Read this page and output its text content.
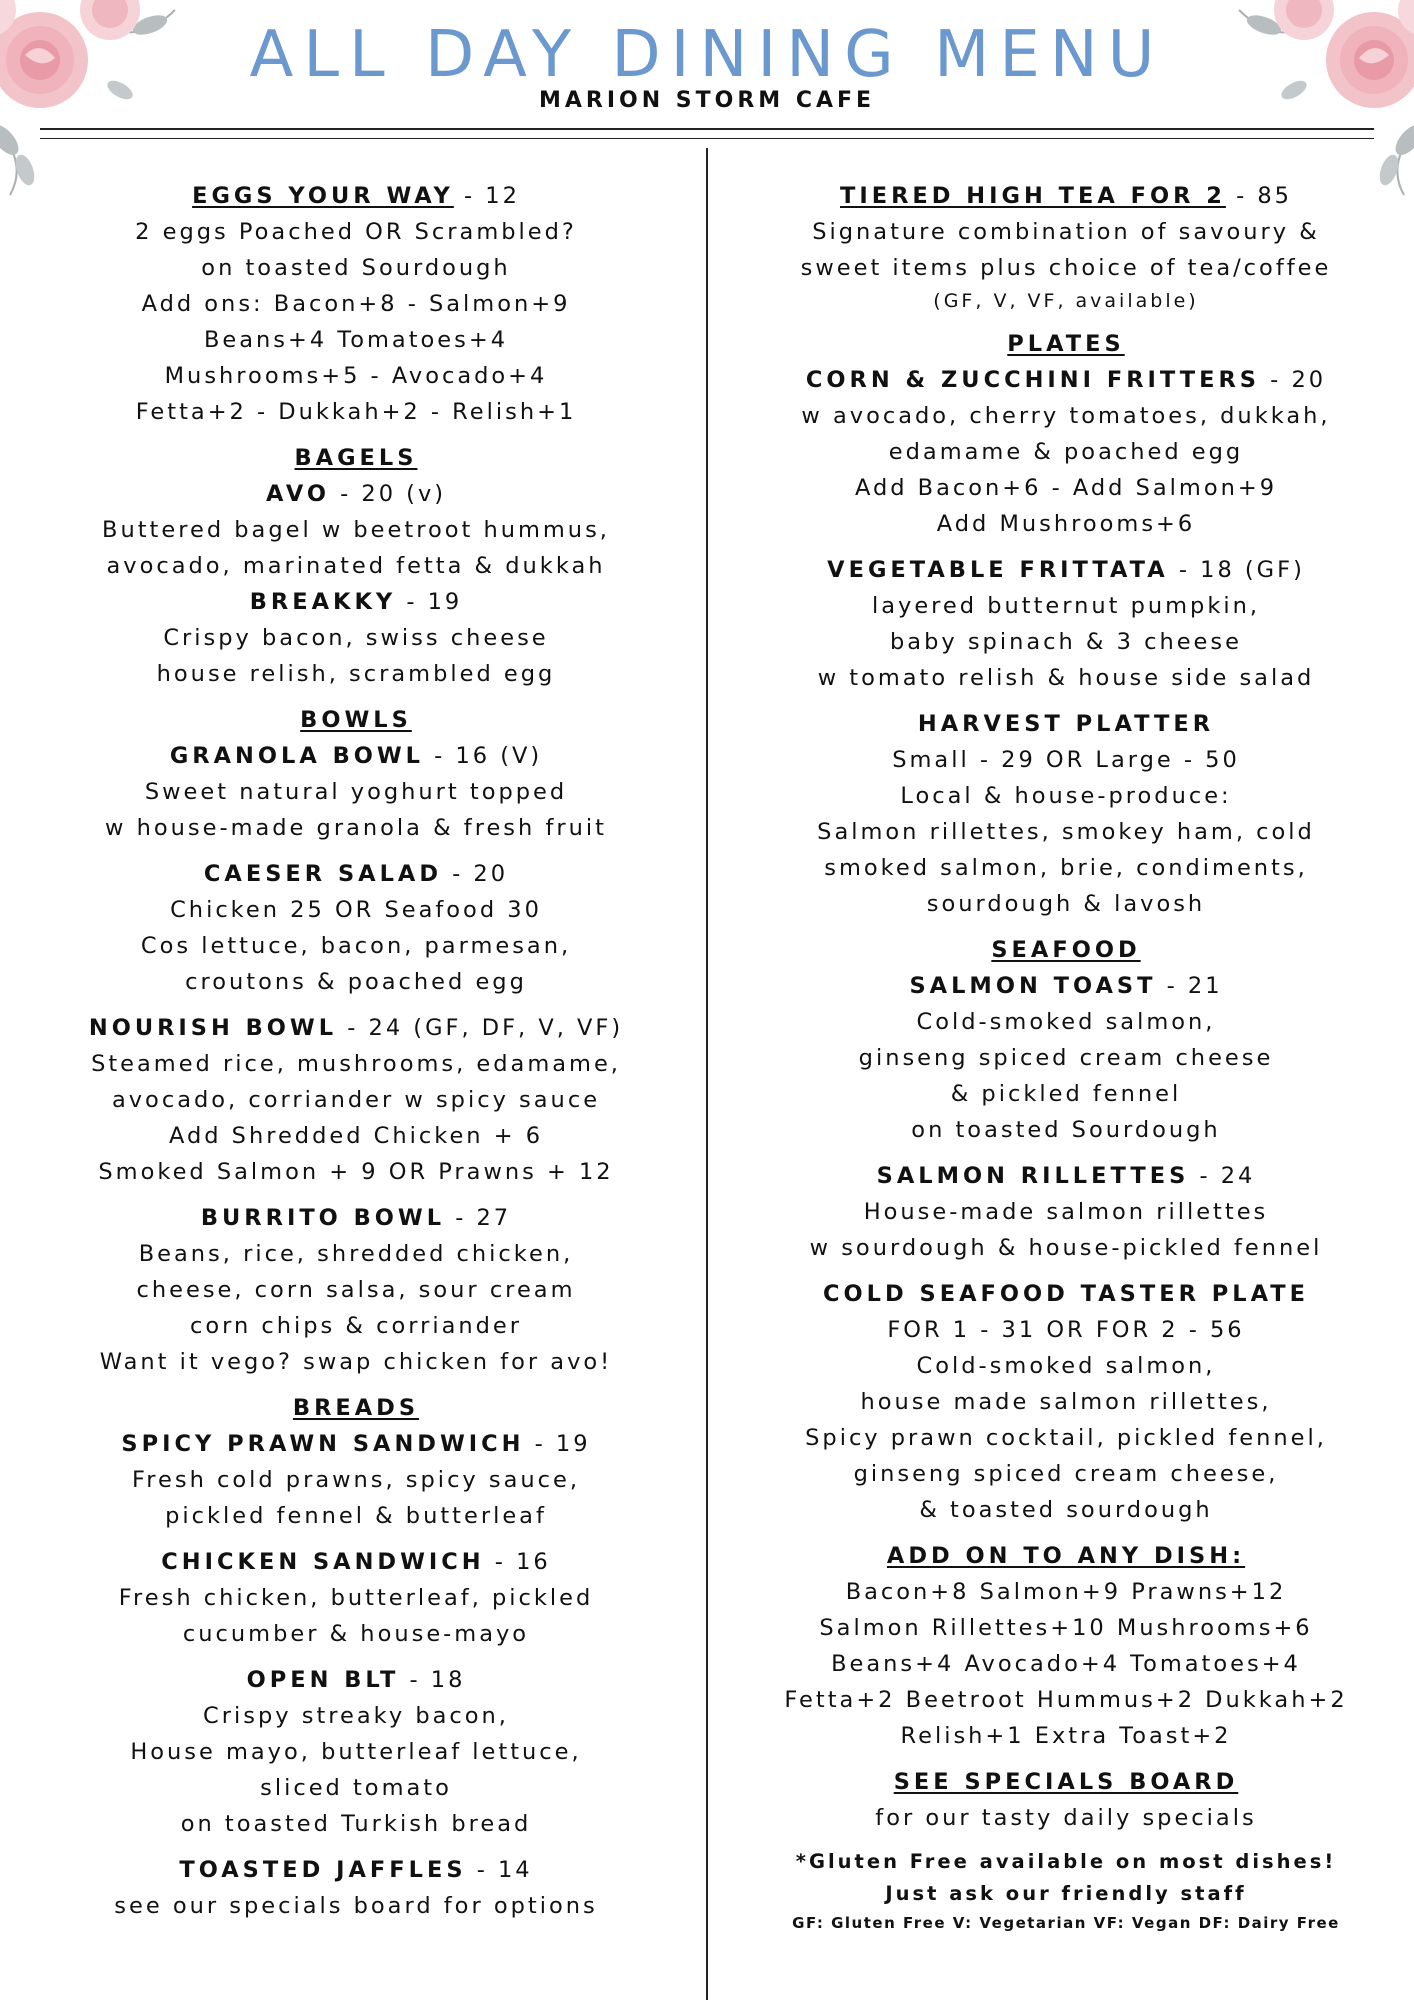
ALL DAY DINING MENU
MARION STORM CAFE
EGGS YOUR WAY - 12
2 eggs Poached OR Scrambled?
on toasted Sourdough
Add ons: Bacon+8 - Salmon+9
Beans+4 Tomatoes+4
Mushrooms+5 - Avocado+4
Fetta+2 - Dukkah+2 - Relish+1
BAGELS
AVO - 20 (v)
Buttered bagel w beetroot hummus,
avocado, marinated fetta & dukkah
BREAKKY - 19
Crispy bacon, swiss cheese
house relish, scrambled egg
BOWLS
GRANOLA BOWL - 16 (V)
Sweet natural yoghurt topped
w house-made granola & fresh fruit
CAESER SALAD - 20
Chicken 25 OR Seafood 30
Cos lettuce, bacon, parmesan,
croutons & poached egg
NOURISH BOWL - 24 (GF, DF, V, VF)
Steamed rice, mushrooms, edamame,
avocado, corriander w spicy sauce
Add Shredded Chicken + 6
Smoked Salmon + 9 OR Prawns + 12
BURRITO BOWL - 27
Beans, rice, shredded chicken,
cheese, corn salsa, sour cream
corn chips & corriander
Want it vego? swap chicken for avo!
BREADS
SPICY PRAWN SANDWICH - 19
Fresh cold prawns, spicy sauce,
pickled fennel & butterleaf
CHICKEN SANDWICH - 16
Fresh chicken, butterleaf, pickled
cucumber & house-mayo
OPEN BLT - 18
Crispy streaky bacon,
House mayo, butterleaf lettuce,
sliced tomato
on toasted Turkish bread
TOASTED JAFFLES - 14
see our specials board for options
TIERED HIGH TEA FOR 2 - 85
Signature combination of savoury &
sweet items plus choice of tea/coffee
(GF, V, VF, available)
PLATES
CORN & ZUCCHINI FRITTERS - 20
w avocado, cherry tomatoes, dukkah,
edamame & poached egg
Add Bacon+6 - Add Salmon+9
Add Mushrooms+6
VEGETABLE FRITTATA - 18 (GF)
layered butternut pumpkin,
baby spinach & 3 cheese
w tomato relish & house side salad
HARVEST PLATTER
Small - 29 OR Large - 50
Local & house-produce:
Salmon rillettes, smokey ham, cold
smoked salmon, brie, condiments,
sourdough & lavosh
SEAFOOD
SALMON TOAST - 21
Cold-smoked salmon,
ginseng spiced cream cheese
& pickled fennel
on toasted Sourdough
SALMON RILLETTES - 24
House-made salmon rillettes
w sourdough & house-pickled fennel
COLD SEAFOOD TASTER PLATE
FOR 1 - 31 OR FOR 2 - 56
Cold-smoked salmon,
house made salmon rillettes,
Spicy prawn cocktail, pickled fennel,
ginseng spiced cream cheese,
& toasted sourdough
ADD ON TO ANY DISH:
Bacon+8 Salmon+9 Prawns+12
Salmon Rillettes+10 Mushrooms+6
Beans+4 Avocado+4 Tomatoes+4
Fetta+2 Beetroot Hummus+2 Dukkah+2
Relish+1 Extra Toast+2
SEE SPECIALS BOARD
for our tasty daily specials
*Gluten Free available on most dishes!
Just ask our friendly staff
GF: Gluten Free V: Vegetarian VF: Vegan DF: Dairy Free
